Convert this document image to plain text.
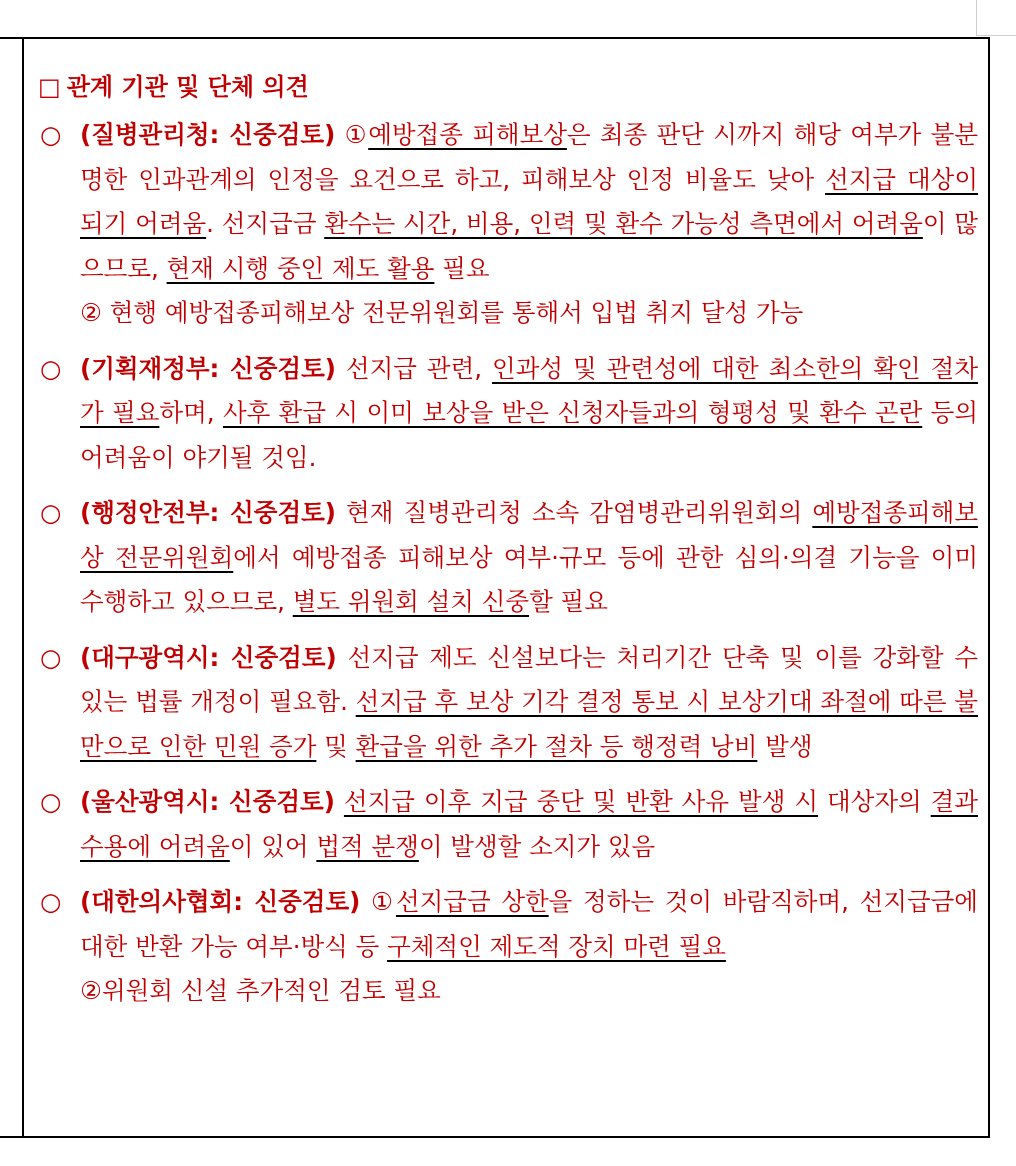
□ 관계 기관 및 단체 의견
○ (질병관리청: 신중검토) ①예방접종 피해보상은 최종 판단 시까지 해당 여부가 불분명한 인과관계의 인정을 요건으로 하고, 피해보상 인정 비율도 낮아 선지급 대상이 되기 어려움. 선지급금 환수는 시간, 비용, 인력 및 환수 가능성 측면에서 어려움이 많으므로, 현재 시행 중인 제도 활용 필요
② 현행 예방접종피해보상 전문위원회를 통해서 입법 취지 달성 가능
○ (기획재정부: 신중검토) 선지급 관련, 인과성 및 관련성에 대한 최소한의 확인 절차가 필요하며, 사후 환급 시 이미 보상을 받은 신청자들과의 형평성 및 환수 곤란 등의 어려움이 야기될 것임.
○ (행정안전부: 신중검토) 현재 질병관리청 소속 감염병관리위원회의 예방접종피해보상 전문위원회에서 예방접종 피해보상 여부·규모 등에 관한 심의·의결 기능을 이미 수행하고 있으므로, 별도 위원회 설치 신중할 필요
○ (대구광역시: 신중검토) 선지급 제도 신설보다는 처리기간 단축 및 이를 강화할 수 있는 법률 개정이 필요함. 선지급 후 보상 기각 결정 통보 시 보상기대 좌절에 따른 불만으로 인한 민원 증가 및 환급을 위한 추가 절차 등 행정력 낭비 발생
○ (울산광역시: 신중검토) 선지급 이후 지급 중단 및 반환 사유 발생 시 대상자의 결과 수용에 어려움이 있어 법적 분쟁이 발생할 소지가 있음
○ (대한의사협회: 신중검토) ①선지급금 상한을 정하는 것이 바람직하며, 선지급금에 대한 반환 가능 여부·방식 등 구체적인 제도적 장치 마련 필요
②위원회 신설 추가적인 검토 필요
